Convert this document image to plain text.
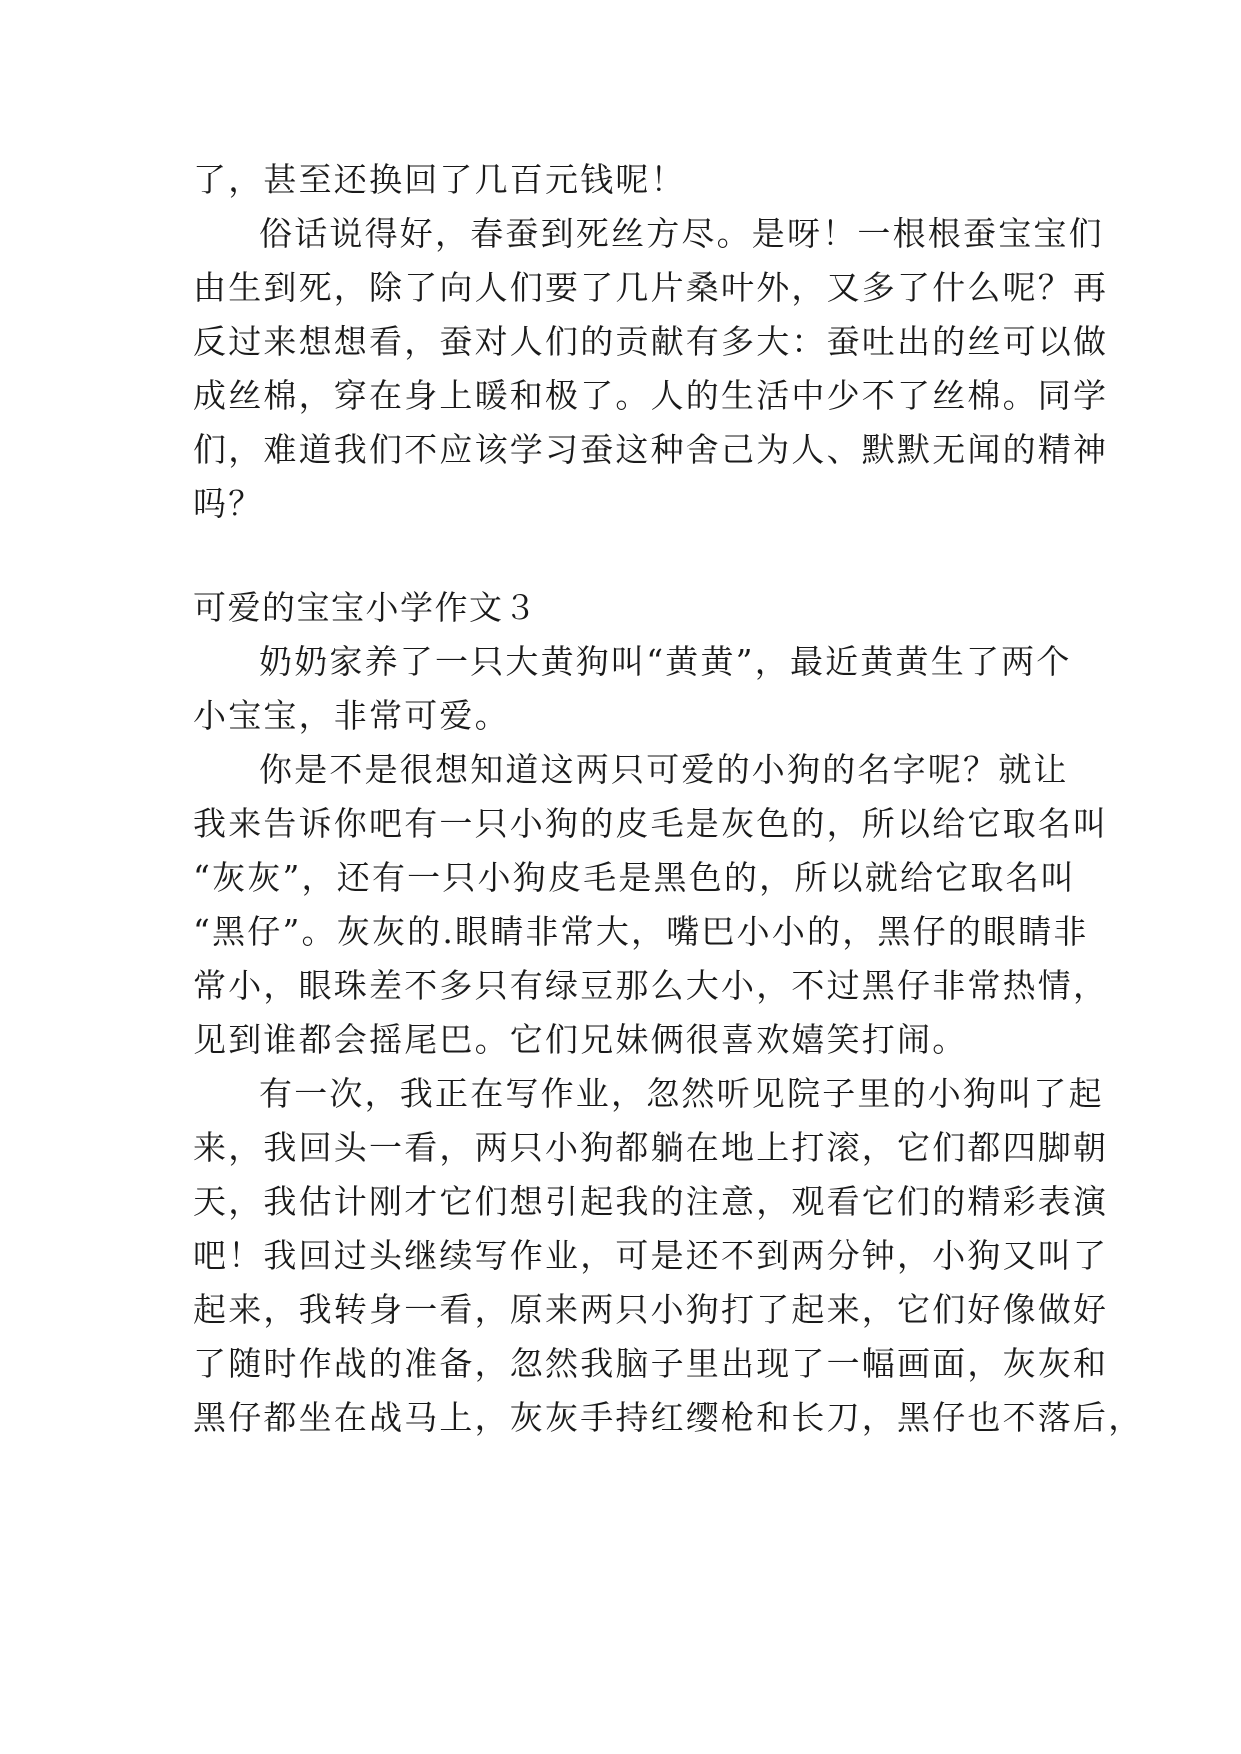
了，甚至还换回了几百元钱呢！
俗话说得好，春蚕到死丝方尽。是呀！一根根蚕宝宝们
由生到死，除了向人们要了几片桑叶外，又多了什么呢？再
反过来想想看，蚕对人们的贡献有多大：蚕吐出的丝可以做
成丝棉，穿在身上暖和极了。人的生活中少不了丝棉。同学
们，难道我们不应该学习蚕这种舍己为人、默默无闻的精神
吗？
可爱的宝宝小学作文３
奶奶家养了一只大黄狗叫“黄黄”，最近黄黄生了两个
小宝宝，非常可爱。
你是不是很想知道这两只可爱的小狗的名字呢？就让
我来告诉你吧有一只小狗的皮毛是灰色的，所以给它取名叫
“灰灰”，还有一只小狗皮毛是黑色的，所以就给它取名叫
“黑仔”。灰灰的.眼睛非常大，嘴巴小小的，黑仔的眼睛非
常小，眼珠差不多只有绿豆那么大小，不过黑仔非常热情，
见到谁都会摇尾巴。它们兄妹俩很喜欢嬉笑打闹。
有一次，我正在写作业，忽然听见院子里的小狗叫了起
来，我回头一看，两只小狗都躺在地上打滚，它们都四脚朝
天，我估计刚才它们想引起我的注意，观看它们的精彩表演
吧！我回过头继续写作业，可是还不到两分钟，小狗又叫了
起来，我转身一看，原来两只小狗打了起来，它们好像做好
了随时作战的准备，忽然我脑子里出现了一幅画面，灰灰和
黑仔都坐在战马上，灰灰手持红缨枪和长刀，黑仔也不落后，
